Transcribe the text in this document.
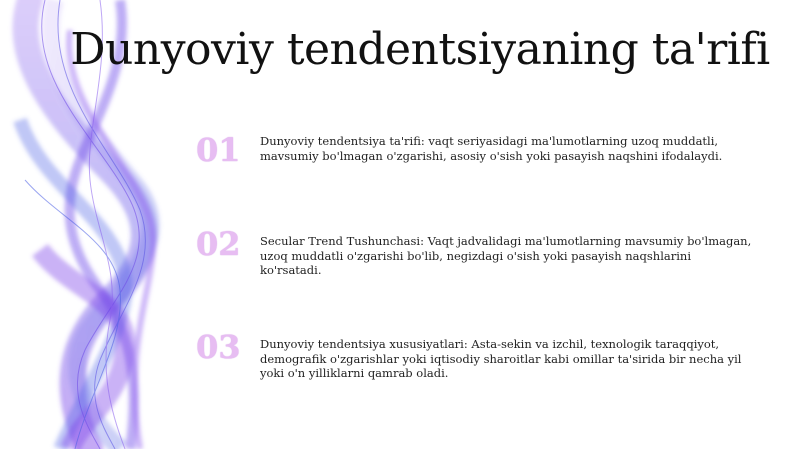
Dunyoviy tendentsiyaning ta'rifi
01	Dunyoviy tendentsiya ta'rifi: vaqt seriyasidagi ma'lumotlarning uzoq muddatli, mavsumiy bo'lmagan o'zgarishi, asosiy o'sish yoki pasayish naqshini ifodalaydi.
02	Secular Trend Tushunchasi: Vaqt jadvalidagi ma'lumotlarning mavsumiy bo'lmagan, uzoq muddatli o'zgarishi bo'lib, negizdagi o'sish yoki pasayish naqshlarini ko'rsatadi.
03	Dunyoviy tendentsiya xususiyatlari: Asta-sekin va izchil, texnologik taraqqiyot, demografik o'zgarishlar yoki iqtisodiy sharoitlar kabi omillar ta'sirida bir necha yil yoki o'n yilliklarni qamrab oladi.
